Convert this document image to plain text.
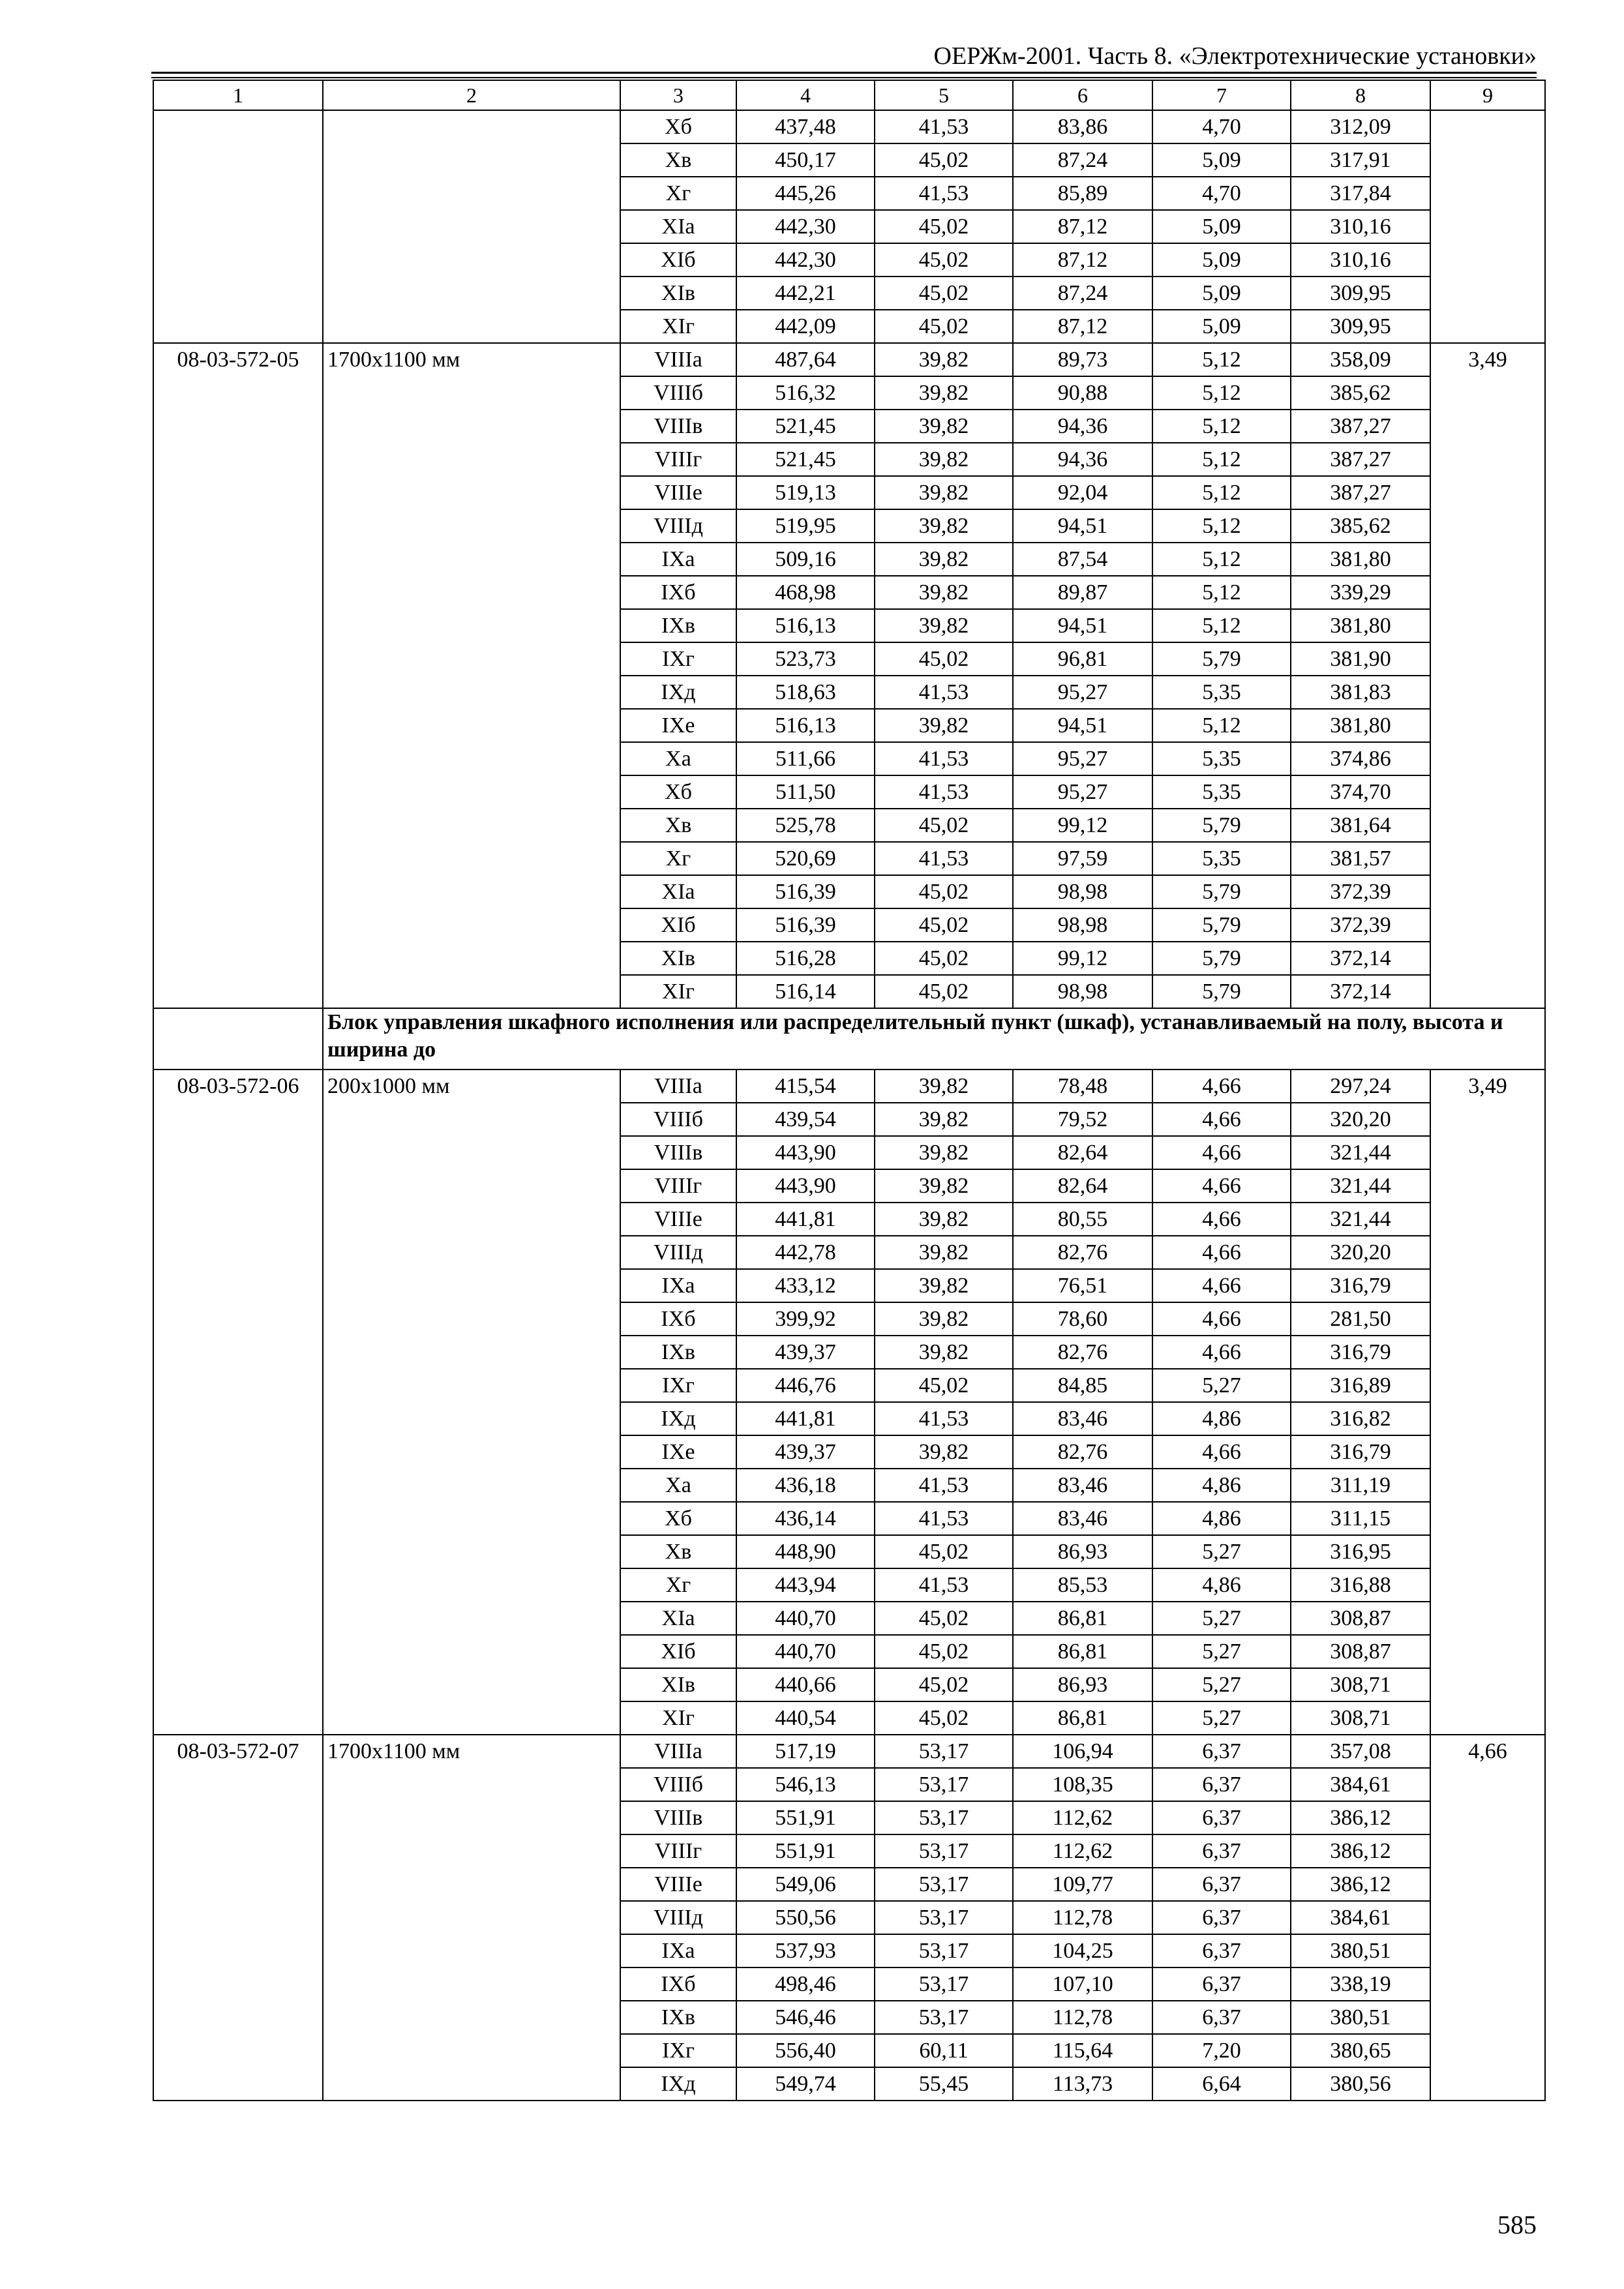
ОЕРЖм-2001. Часть 8. «Электротехнические установки»
1	2	3	4	5	6	7	8	9
		Xб	437,48	41,53	83,86	4,70	312,09	
		Xв	450,17	45,02	87,24	5,09	317,91	
		Xг	445,26	41,53	85,89	4,70	317,84	
		XIa	442,30	45,02	87,12	5,09	310,16	
		XIб	442,30	45,02	87,12	5,09	310,16	
		XIв	442,21	45,02	87,24	5,09	309,95	
		XIг	442,09	45,02	87,12	5,09	309,95	
08-03-572-05	1700x1100 мм	VIIIa	487,64	39,82	89,73	5,12	358,09	3,49
		VIIIб	516,32	39,82	90,88	5,12	385,62	
		VIIIв	521,45	39,82	94,36	5,12	387,27	
		VIIIг	521,45	39,82	94,36	5,12	387,27	
		VIIIe	519,13	39,82	92,04	5,12	387,27	
		VIIIд	519,95	39,82	94,51	5,12	385,62	
		IXa	509,16	39,82	87,54	5,12	381,80	
		IXб	468,98	39,82	89,87	5,12	339,29	
		IXв	516,13	39,82	94,51	5,12	381,80	
		IXг	523,73	45,02	96,81	5,79	381,90	
		IXд	518,63	41,53	95,27	5,35	381,83	
		IXe	516,13	39,82	94,51	5,12	381,80	
		Xa	511,66	41,53	95,27	5,35	374,86	
		Xб	511,50	41,53	95,27	5,35	374,70	
		Xв	525,78	45,02	99,12	5,79	381,64	
		Xг	520,69	41,53	97,59	5,35	381,57	
		XIa	516,39	45,02	98,98	5,79	372,39	
		XIб	516,39	45,02	98,98	5,79	372,39	
		XIв	516,28	45,02	99,12	5,79	372,14	
		XIг	516,14	45,02	98,98	5,79	372,14	
	Блок управления шкафного исполнения или распределительный пункт (шкаф), устанавливаемый на полу, высота и ширина до							
08-03-572-06	200x1000 мм	VIIIa	415,54	39,82	78,48	4,66	297,24	3,49
		VIIIб	439,54	39,82	79,52	4,66	320,20	
		VIIIв	443,90	39,82	82,64	4,66	321,44	
		VIIIг	443,90	39,82	82,64	4,66	321,44	
		VIIIe	441,81	39,82	80,55	4,66	321,44	
		VIIIд	442,78	39,82	82,76	4,66	320,20	
		IXa	433,12	39,82	76,51	4,66	316,79	
		IXб	399,92	39,82	78,60	4,66	281,50	
		IXв	439,37	39,82	82,76	4,66	316,79	
		IXг	446,76	45,02	84,85	5,27	316,89	
		IXд	441,81	41,53	83,46	4,86	316,82	
		IXe	439,37	39,82	82,76	4,66	316,79	
		Xa	436,18	41,53	83,46	4,86	311,19	
		Xб	436,14	41,53	83,46	4,86	311,15	
		Xв	448,90	45,02	86,93	5,27	316,95	
		Xг	443,94	41,53	85,53	4,86	316,88	
		XIa	440,70	45,02	86,81	5,27	308,87	
		XIб	440,70	45,02	86,81	5,27	308,87	
		XIв	440,66	45,02	86,93	5,27	308,71	
		XIг	440,54	45,02	86,81	5,27	308,71	
08-03-572-07	1700x1100 мм	VIIIa	517,19	53,17	106,94	6,37	357,08	4,66
		VIIIб	546,13	53,17	108,35	6,37	384,61	
		VIIIв	551,91	53,17	112,62	6,37	386,12	
		VIIIг	551,91	53,17	112,62	6,37	386,12	
		VIIIe	549,06	53,17	109,77	6,37	386,12	
		VIIIд	550,56	53,17	112,78	6,37	384,61	
		IXa	537,93	53,17	104,25	6,37	380,51	
		IXб	498,46	53,17	107,10	6,37	338,19	
		IXв	546,46	53,17	112,78	6,37	380,51	
		IXг	556,40	60,11	115,64	7,20	380,65	
		IXд	549,74	55,45	113,73	6,64	380,56	
585
